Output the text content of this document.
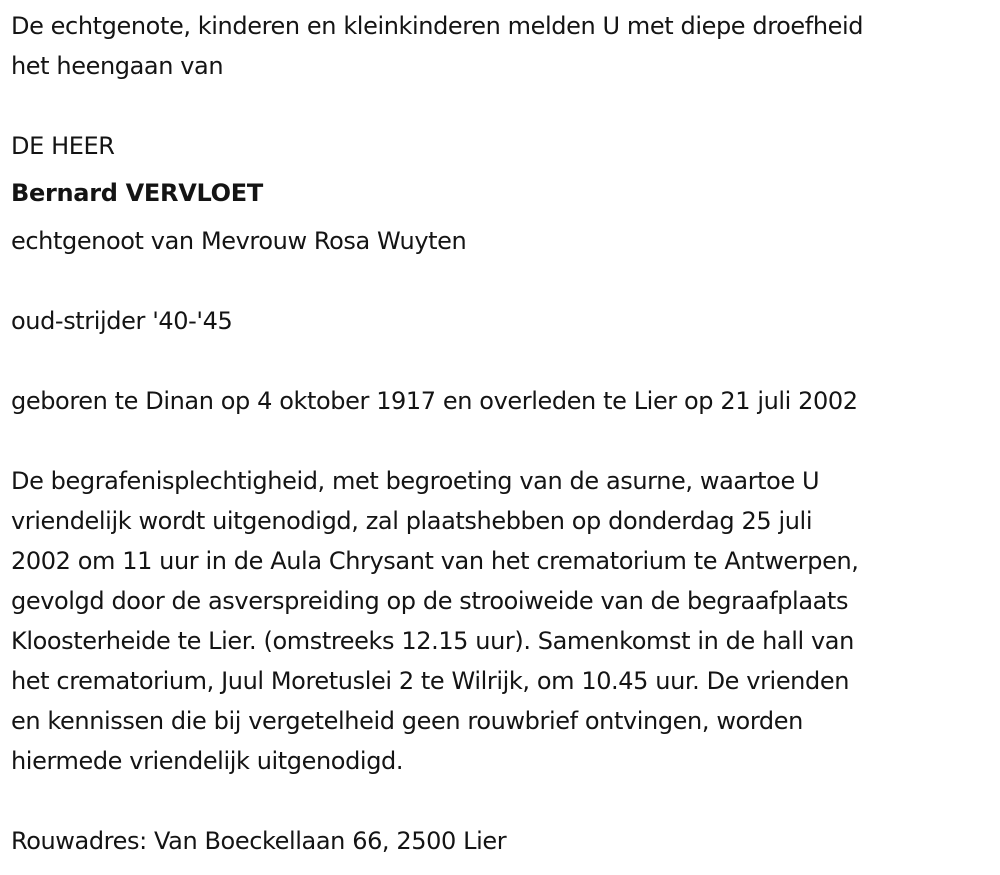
De echtgenote, kinderen en kleinkinderen melden U met diepe droefheid
het heengaan van
DE HEER
Bernard VERVLOET
echtgenoot van Mevrouw Rosa Wuyten
oud-strijder '40-'45
geboren te Dinan op 4 oktober 1917 en overleden te Lier op 21 juli 2002
De begrafenisplechtigheid, met begroeting van de asurne, waartoe U
vriendelijk wordt uitgenodigd, zal plaatshebben op donderdag 25 juli
2002 om 11 uur in de Aula Chrysant van het crematorium te Antwerpen,
gevolgd door de asverspreiding op de strooiweide van de begraafplaats
Kloosterheide te Lier. (omstreeks 12.15 uur). Samenkomst in de hall van
het crematorium, Juul Moretuslei 2 te Wilrijk, om 10.45 uur. De vrienden
en kennissen die bij vergetelheid geen rouwbrief ontvingen, worden
hiermede vriendelijk uitgenodigd.
Rouwadres: Van Boeckellaan 66, 2500 Lier
